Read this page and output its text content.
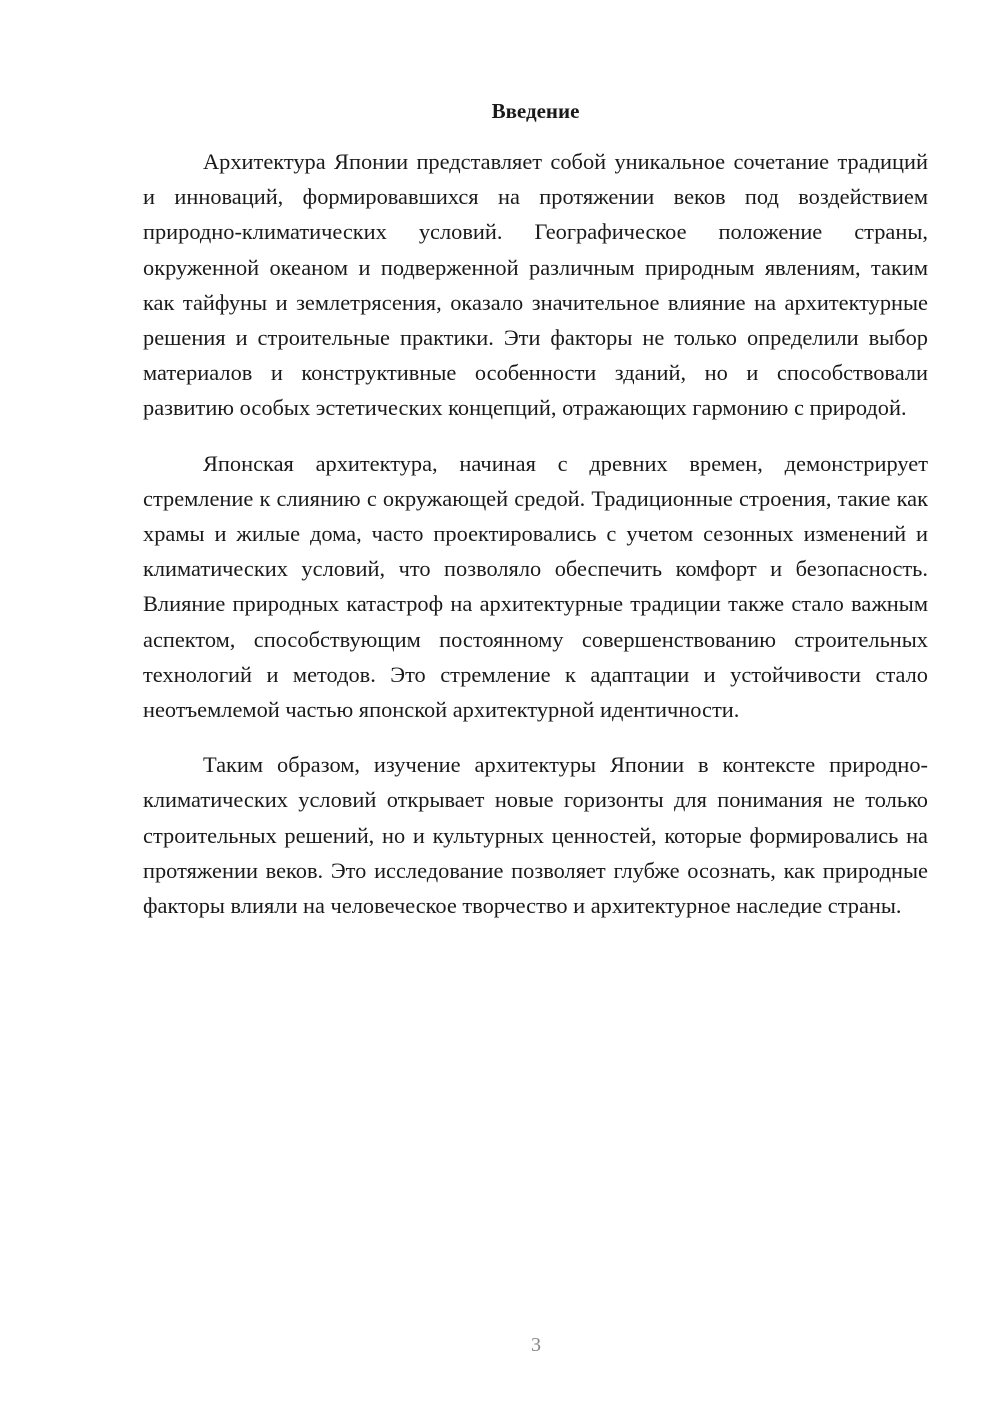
Введение

Архитектура Японии представляет собой уникальное сочетание традиций и инноваций, формировавшихся на протяжении веков под воздействием природно-климатических условий. Географическое положение страны, окруженной океаном и подверженной различным природным явлениям, таким как тайфуны и землетрясения, оказало значительное влияние на архитектурные решения и строительные практики. Эти факторы не только определили выбор материалов и конструктивные особенности зданий, но и способствовали развитию особых эстетических концепций, отражающих гармонию с природой.

Японская архитектура, начиная с древних времен, демонстрирует стремление к слиянию с окружающей средой. Традиционные строения, такие как храмы и жилые дома, часто проектировались с учетом сезонных изменений и климатических условий, что позволяло обеспечить комфорт и безопасность. Влияние природных катастроф на архитектурные традиции также стало важным аспектом, способствующим постоянному совершенствованию строительных технологий и методов. Это стремление к адаптации и устойчивости стало неотъемлемой частью японской архитектурной идентичности.

Таким образом, изучение архитектуры Японии в контексте природно-климатических условий открывает новые горизонты для понимания не только строительных решений, но и культурных ценностей, которые формировались на протяжении веков. Это исследование позволяет глубже осознать, как природные факторы влияли на человеческое творчество и архитектурное наследие страны.

3
